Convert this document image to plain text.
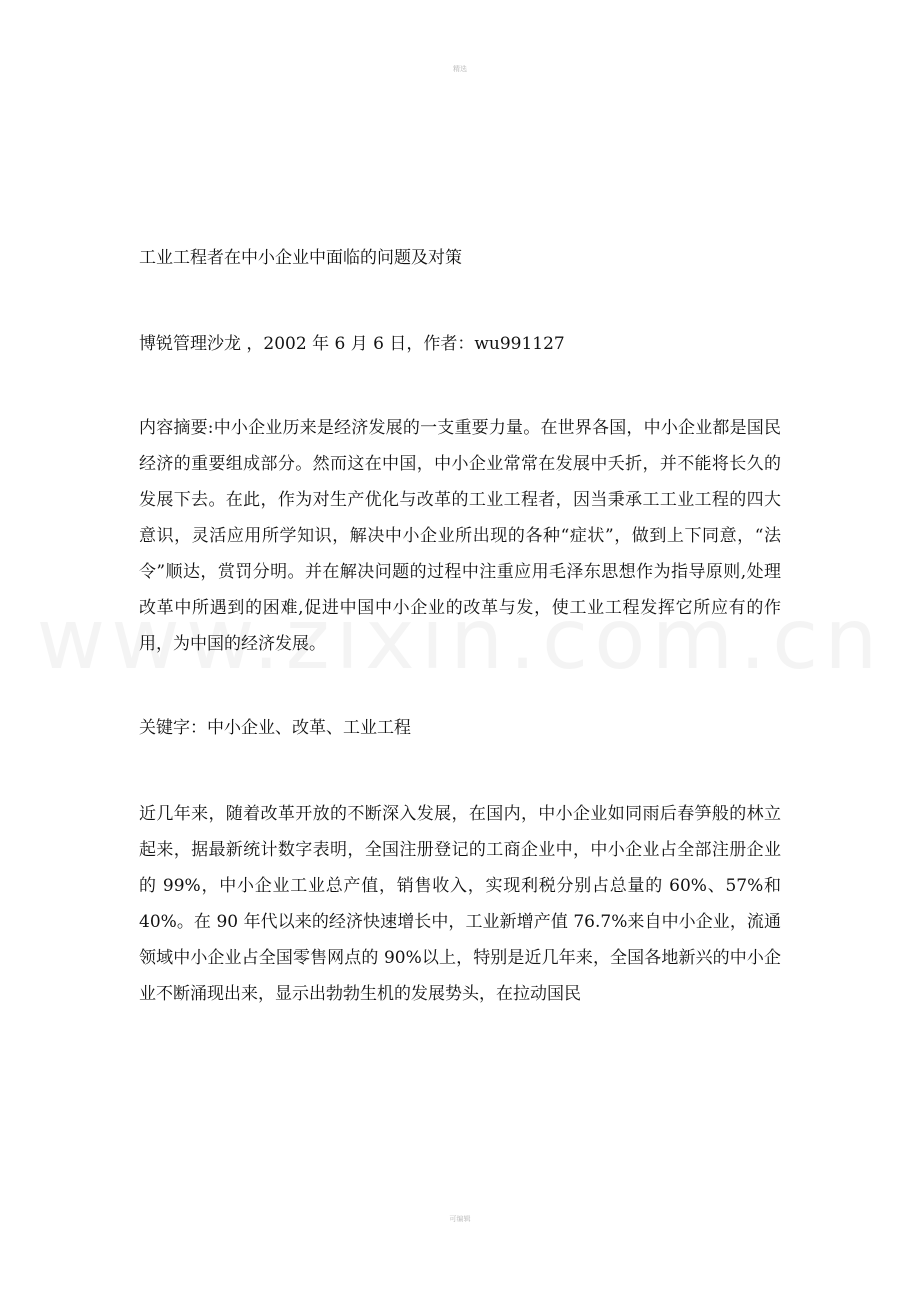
精选

工业工程者在中小企业中面临的问题及对策

博锐管理沙龙 ，2002 年 6 月 6 日，作者：wu991127

内容摘要:中小企业历来是经济发展的一支重要力量。在世界各国，中小企业都是国民经济的重要组成部分。然而这在中国，中小企业常常在发展中夭折，并不能将长久的发展下去。在此，作为对生产优化与改革的工业工程者，因当秉承工工业工程的四大意识，灵活应用所学知识，解决中小企业所出现的各种“症状”，做到上下同意，“法令”顺达，赏罚分明。并在解决问题的过程中注重应用毛泽东思想作为指导原则,处理改革中所遇到的困难,促进中国中小企业的改革与发，使工业工程发挥它所应有的作用，为中国的经济发展。

关键字：中小企业、改革、工业工程

近几年来，随着改革开放的不断深入发展，在国内，中小企业如同雨后春笋般的林立起来，据最新统计数字表明，全国注册登记的工商企业中，中小企业占全部注册企业的 99%，中小企业工业总产值，销售收入，实现利税分别占总量的 60%、57%和 40%。在 90 年代以来的经济快速增长中，工业新增产值 76.7%来自中小企业，流通领域中小企业占全国零售网点的 90%以上，特别是近几年来，全国各地新兴的中小企业不断涌现出来，显示出勃勃生机的发展势头，在拉动国民

可编辑
